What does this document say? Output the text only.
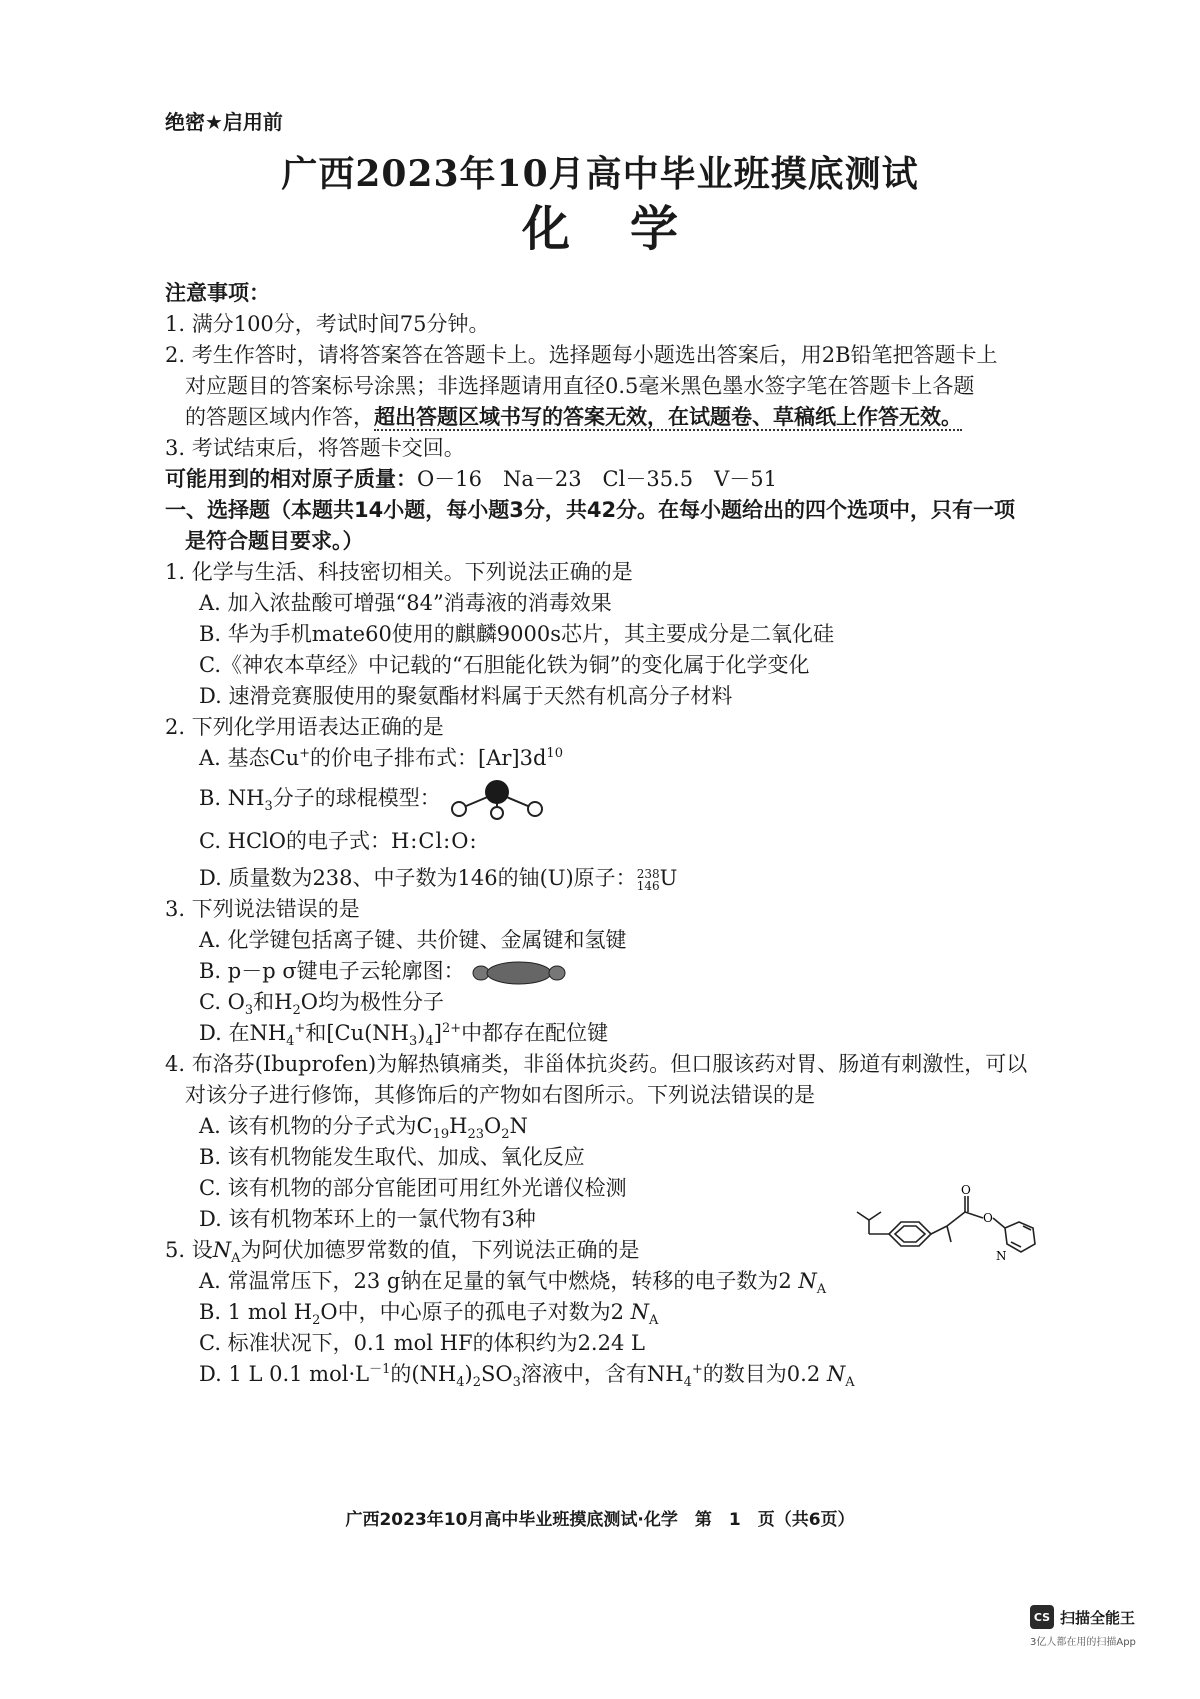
绝密★启用前
广西2023年10月高中毕业班摸底测试
化学
注意事项：
1. 满分100分，考试时间75分钟。
2. 考生作答时，请将答案答在答题卡上。选择题每小题选出答案后，用2B铅笔把答题卡上
对应题目的答案标号涂黑；非选择题请用直径0.5毫米黑色墨水签字笔在答题卡上各题
的答题区域内作答，超出答题区域书写的答案无效，在试题卷、草稿纸上作答无效。
3. 考试结束后，将答题卡交回。
可能用到的相对原子质量：O－16　Na－23　Cl－35.5　V－51
一、选择题（本题共14小题，每小题3分，共42分。在每小题给出的四个选项中，只有一项
是符合题目要求。）
1. 化学与生活、科技密切相关。下列说法正确的是
A. 加入浓盐酸可增强“84”消毒液的消毒效果
B. 华为手机mate60使用的麒麟9000s芯片，其主要成分是二氧化硅
C.《神农本草经》中记载的“石胆能化铁为铜”的变化属于化学变化
D. 速滑竞赛服使用的聚氨酯材料属于天然有机高分子材料
2. 下列化学用语表达正确的是
A. 基态Cu+的价电子排布式：$[Ar]3d^{10}$
B. $NH_3$分子的球棍模型：
C. HClO的电子式：H:Cl:O:
D. 质量数为238、中子数为146的铀(U)原子： 238
146 U
3. 下列说法错误的是
A. 化学键包括离子键、共价键、金属键和氢键
B. p－p σ键电子云轮廓图：
C. $O_3$和$H_2O$均为极性分子
D. 在$NH_4^+$和$[Cu(NH_3)_4]^{2+}$中都存在配位键
4. 布洛芬(Ibuprofen)为解热镇痛类，非甾体抗炎药。但口服该药对胃、肠道有刺激性，可以
对该分子进行修饰，其修饰后的产物如右图所示。下列说法错误的是
A. 该有机物的分子式为$C_{19}H_{23}O_2N$
B. 该有机物能发生取代、加成、氧化反应
C. 该有机物的部分官能团可用红外光谱仪检测
D. 该有机物苯环上的一氯代物有3种
5. 设$N_A$为阿伏加德罗常数的值，下列说法正确的是
A. 常温常压下，23 g钠在足量的氧气中燃烧，转移的电子数为2 $N_A$
B. 1 mol $H_2O$中，中心原子的孤电子对数为2 $N_A$
C. 标准状况下，0.1 mol HF的体积约为2.24 L
D. 1 L 0.1 $mol\cdot L^{-1}$的$(NH_4)_2SO_3$溶液中，含有$NH_4^+$的数目为0.2 $N_A$
O
O
N
广西2023年10月高中毕业班摸底测试·化学　第　1　页（共6页）
CS 扫描全能王
3亿人都在用的扫描App
